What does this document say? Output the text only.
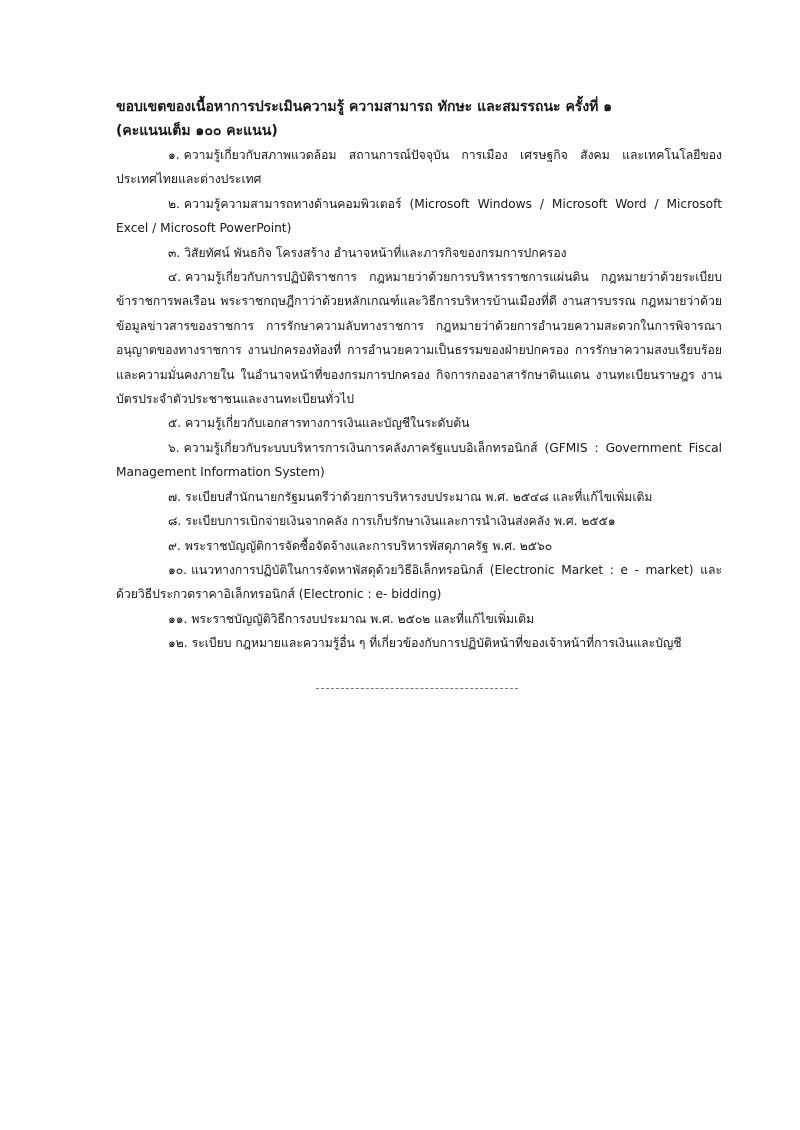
ขอบเขตของเนื้อหาการประเมินความรู้ ความสามารถ ทักษะ และสมรรถนะ ครั้งที่ ๑

(คะแนนเต็ม ๑๐๐ คะแนน)

๑. ความรู้เกี่ยวกับสภาพแวดล้อม สถานการณ์ปัจจุบัน การเมือง เศรษฐกิจ สังคม และเทคโนโลยีของประเทศไทยและต่างประเทศ
๒. ความรู้ความสามารถทางด้านคอมพิวเตอร์ (Microsoft Windows / Microsoft Word / Microsoft Excel / Microsoft PowerPoint)
๓. วิสัยทัศน์ พันธกิจ โครงสร้าง อำนาจหน้าที่และภารกิจของกรมการปกครอง
๔. ความรู้เกี่ยวกับการปฏิบัติราชการ กฎหมายว่าด้วยการบริหารราชการแผ่นดิน กฎหมายว่าด้วยระเบียบข้าราชการพลเรือน พระราชกฤษฎีกาว่าด้วยหลักเกณฑ์และวิธีการบริหารบ้านเมืองที่ดี งานสารบรรณ กฎหมายว่าด้วยข้อมูลข่าวสารของราชการ การรักษาความลับทางราชการ กฎหมายว่าด้วยการอำนวยความสะดวกในการพิจารณาอนุญาตของทางราชการ งานปกครองท้องที่ การอำนวยความเป็นธรรมของฝ่ายปกครอง การรักษาความสงบเรียบร้อยและความมั่นคงภายใน ในอำนาจหน้าที่ของกรมการปกครอง กิจการกองอาสารักษาดินแดน งานทะเบียนราษฎร งานบัตรประจำตัวประชาชนและงานทะเบียนทั่วไป
๕. ความรู้เกี่ยวกับเอกสารทางการเงินและบัญชีในระดับต้น
๖. ความรู้เกี่ยวกับระบบบริหารการเงินการคลังภาครัฐแบบอิเล็กทรอนิกส์ (GFMIS : Government Fiscal Management Information System)
๗. ระเบียบสำนักนายกรัฐมนตรีว่าด้วยการบริหารงบประมาณ พ.ศ. ๒๕๔๘ และที่แก้ไขเพิ่มเติม
๘. ระเบียบการเบิกจ่ายเงินจากคลัง การเก็บรักษาเงินและการนำเงินส่งคลัง พ.ศ. ๒๕๕๑
๙. พระราชบัญญัติการจัดซื้อจัดจ้างและการบริหารพัสดุภาครัฐ พ.ศ. ๒๕๖๐
๑๐. แนวทางการปฏิบัติในการจัดหาพัสดุด้วยวิธีอิเล็กทรอนิกส์ (Electronic Market : e - market) และด้วยวิธีประกวดราคาอิเล็กทรอนิกส์ (Electronic : e- bidding)
๑๑. พระราชบัญญัติวิธีการงบประมาณ พ.ศ. ๒๕๐๒ และที่แก้ไขเพิ่มเติม
๑๒. ระเบียบ กฎหมายและความรู้อื่น ๆ ที่เกี่ยวข้องกับการปฏิบัติหน้าที่ของเจ้าหน้าที่การเงินและบัญชี
